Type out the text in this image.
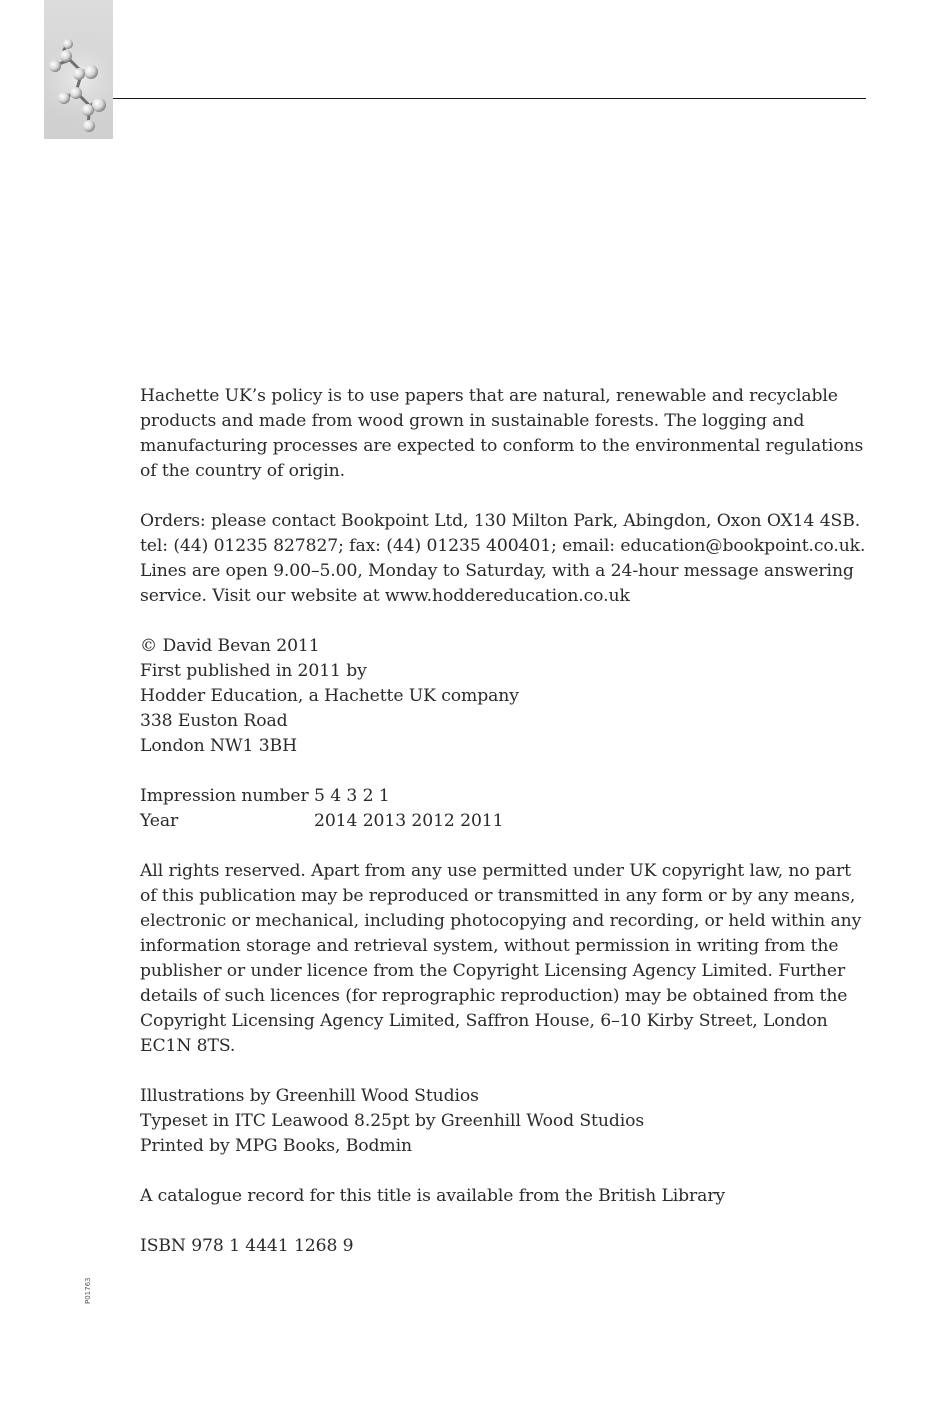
Hachette UK’s policy is to use papers that are natural, renewable and recyclable
products and made from wood grown in sustainable forests. The logging and
manufacturing processes are expected to conform to the environmental regulations
of the country of origin.

Orders: please contact Bookpoint Ltd, 130 Milton Park, Abingdon, Oxon OX14 4SB.
tel: (44) 01235 827827; fax: (44) 01235 400401; email: education@bookpoint.co.uk.
Lines are open 9.00–5.00, Monday to Saturday, with a 24-hour message answering
service. Visit our website at www.hoddereducation.co.uk

© David Bevan 2011
First published in 2011 by
Hodder Education, a Hachette UK company
338 Euston Road
London NW1 3BH

Impression number 5 4 3 2 1
Year	2014 2013 2012 2011

All rights reserved. Apart from any use permitted under UK copyright law, no part
of this publication may be reproduced or transmitted in any form or by any means,
electronic or mechanical, including photocopying and recording, or held within any
information storage and retrieval system, without permission in writing from the
publisher or under licence from the Copyright Licensing Agency Limited. Further
details of such licences (for reprographic reproduction) may be obtained from the
Copyright Licensing Agency Limited, Saffron House, 6–10 Kirby Street, London
EC1N 8TS.

Illustrations by Greenhill Wood Studios
Typeset in ITC Leawood 8.25pt by Greenhill Wood Studios
Printed by MPG Books, Bodmin

A catalogue record for this title is available from the British Library

ISBN 978 1 4441 1268 9

P01763
